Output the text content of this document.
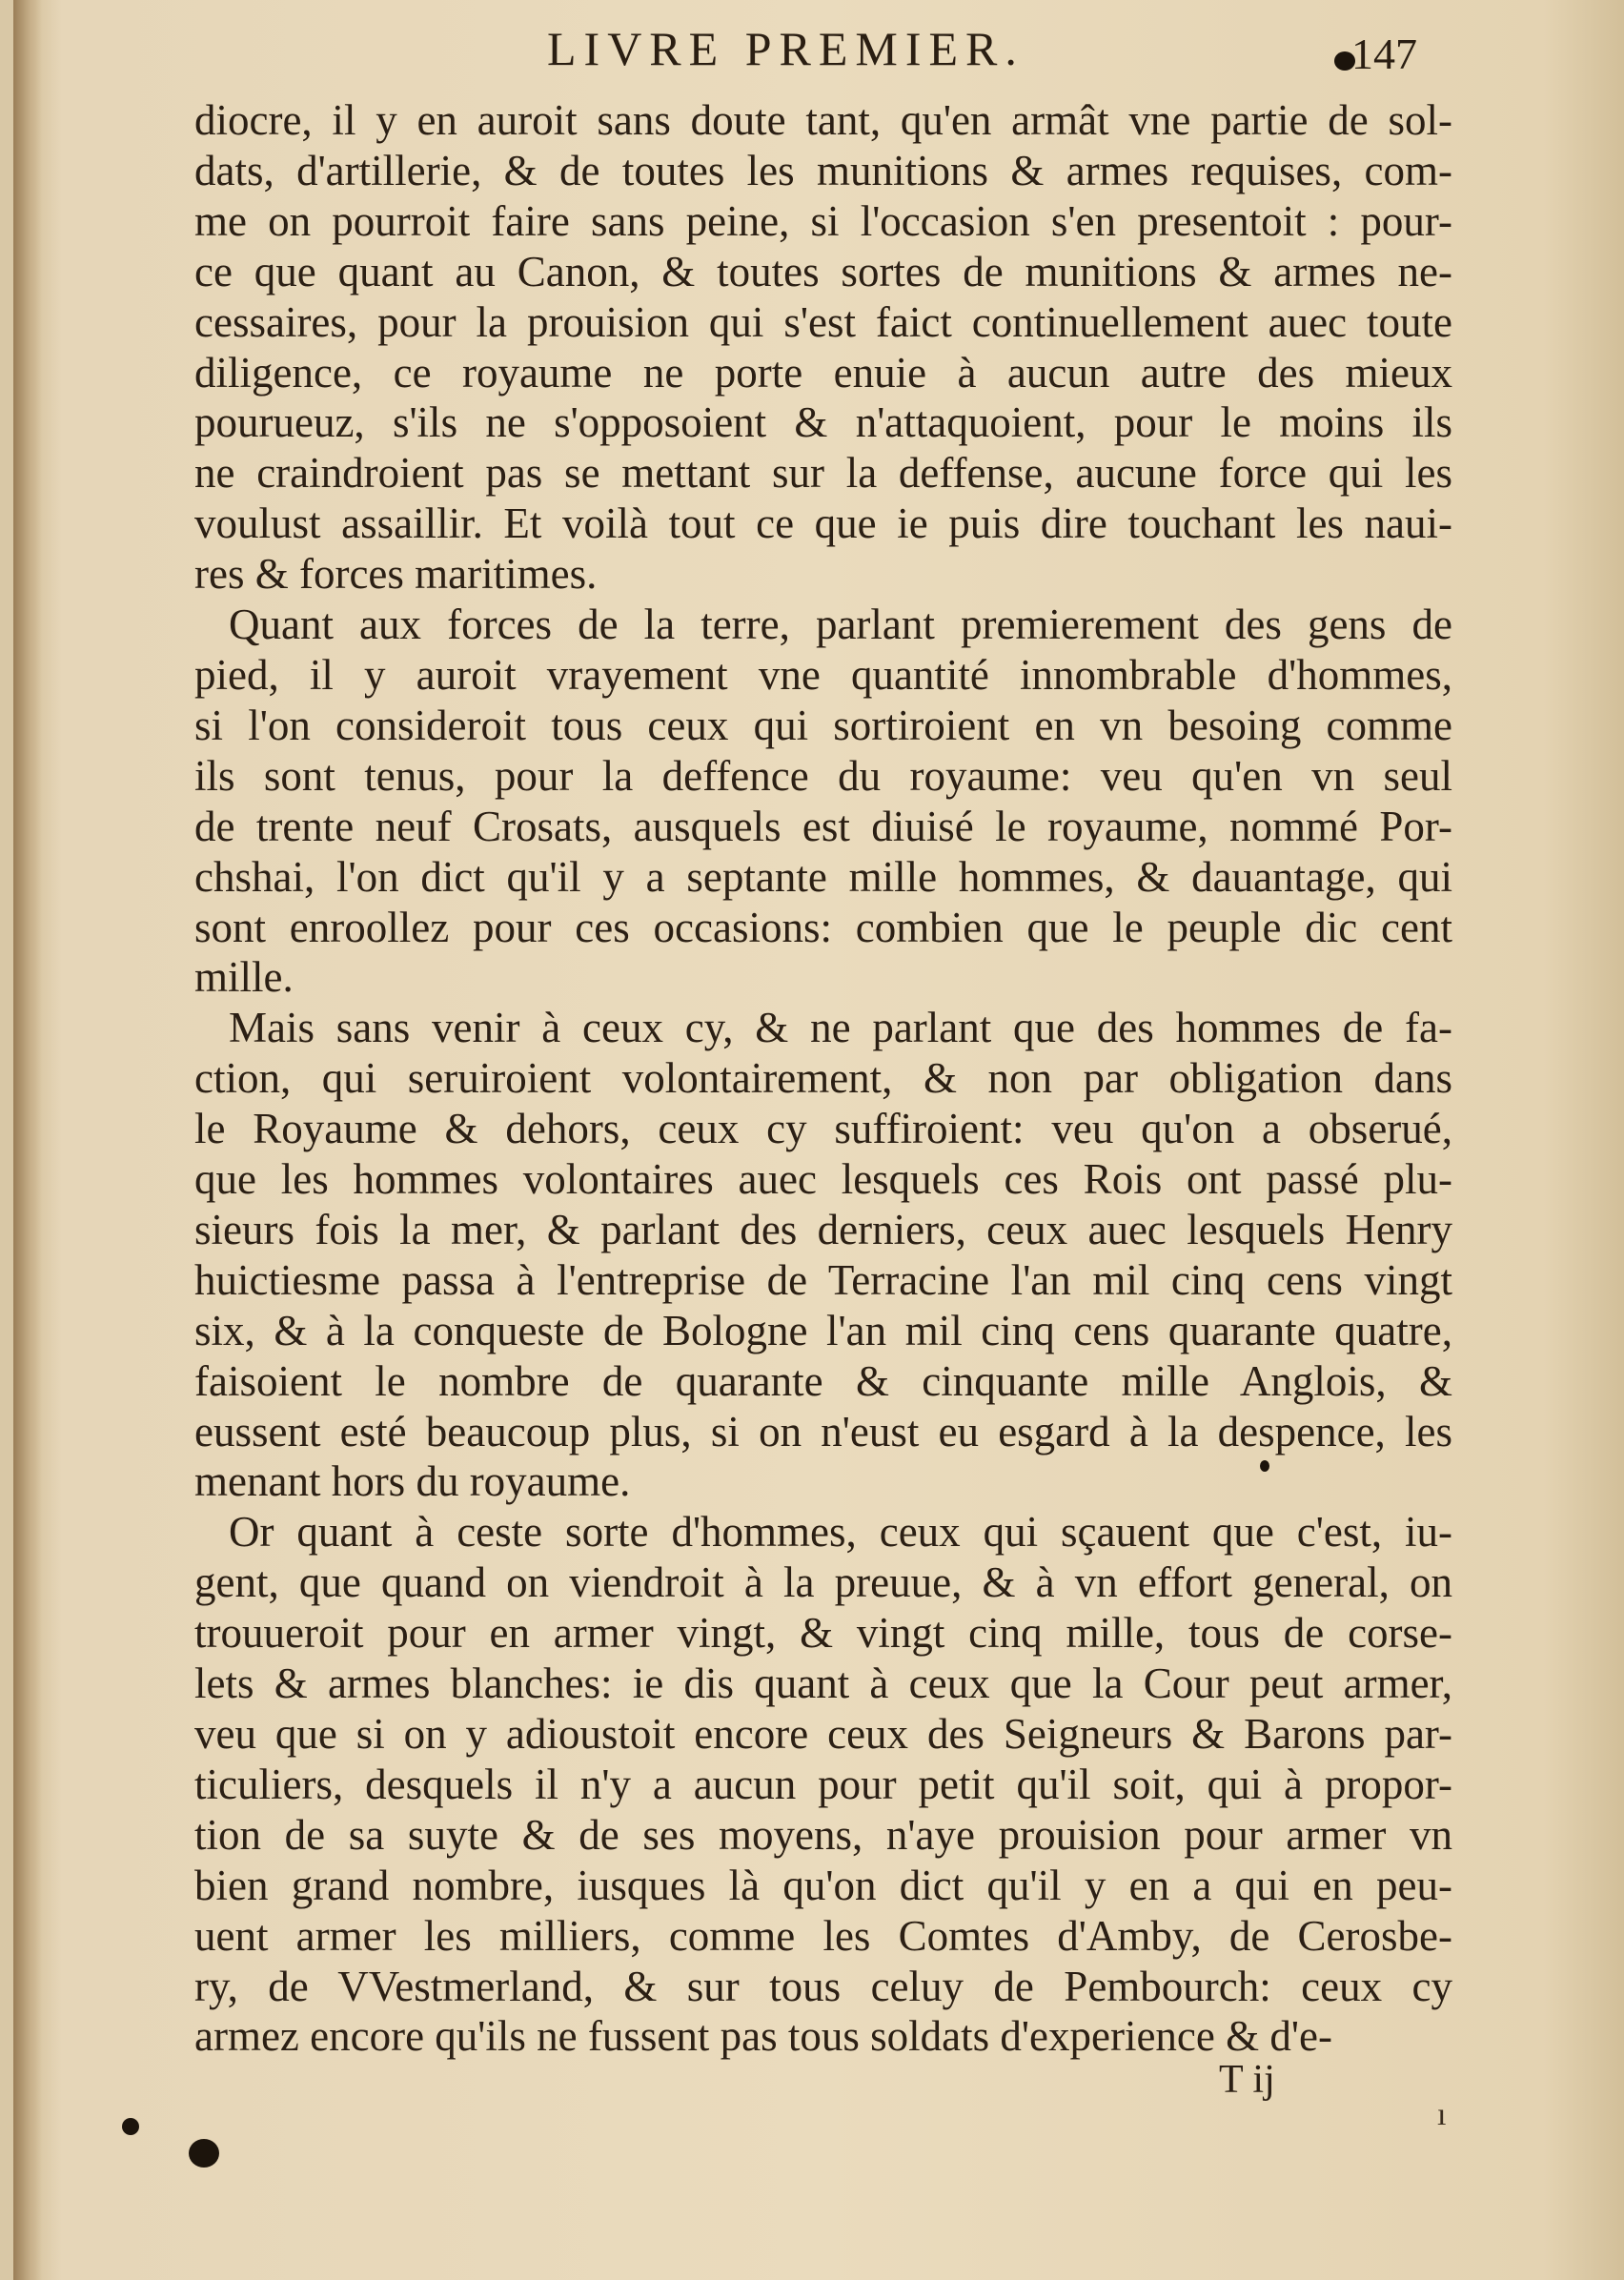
LIVRE PREMIER.	147
diocre, il y en auroit sans doute tant, qu'en armât vne partie de sol-
dats, d'artillerie, & de toutes les munitions & armes requises, com-
me on pourroit faire sans peine, si l'occasion s'en presentoit : pour-
ce que quant au Canon, & toutes sortes de munitions & armes ne-
cessaires, pour la prouision qui s'est faict continuellement auec toute
diligence, ce royaume ne porte enuie à aucun autre des mieux
pourueuz, s'ils ne s'opposoient & n'attaquoient, pour le moins ils
ne craindroient pas se mettant sur la deffense, aucune force qui les
voulust assaillir. Et voilà tout ce que ie puis dire touchant les naui-
res & forces maritimes.
Quant aux forces de la terre, parlant premierement des gens de
pied, il y auroit vrayement vne quantité innombrable d'hommes,
si l'on consideroit tous ceux qui sortiroient en vn besoing comme
ils sont tenus, pour la deffence du royaume: veu qu'en vn seul
de trente neuf Crosats, ausquels est diuisé le royaume, nommé Por-
chshai, l'on dict qu'il y a septante mille hommes, & dauantage, qui
sont enroollez pour ces occasions: combien que le peuple dic cent
mille.
Mais sans venir à ceux cy, & ne parlant que des hommes de fa-
ction, qui seruiroient volontairement, & non par obligation dans
le Royaume & dehors, ceux cy suffiroient: veu qu'on a obserué,
que les hommes volontaires auec lesquels ces Rois ont passé plu-
sieurs fois la mer, & parlant des derniers, ceux auec lesquels Henry
huictiesme passa à l'entreprise de Terracine l'an mil cinq cens vingt
six, & à la conqueste de Bologne l'an mil cinq cens quarante quatre,
faisoient le nombre de quarante & cinquante mille Anglois, &
eussent esté beaucoup plus, si on n'eust eu esgard à la despence, les
menant hors du royaume.
Or quant à ceste sorte d'hommes, ceux qui sçauent que c'est, iu-
gent, que quand on viendroit à la preuue, & à vn effort general, on
trouueroit pour en armer vingt, & vingt cinq mille, tous de corse-
lets & armes blanches: ie dis quant à ceux que la Cour peut armer,
veu que si on y adioustoit encore ceux des Seigneurs & Barons par-
ticuliers, desquels il n'y a aucun pour petit qu'il soit, qui à propor-
tion de sa suyte & de ses moyens, n'aye prouision pour armer vn
bien grand nombre, iusques là qu'on dict qu'il y en a qui en peu-
uent armer les milliers, comme les Comtes d'Amby, de Cerosbe-
ry, de VVestmerland, & sur tous celuy de Pembourch: ceux cy
armez encore qu'ils ne fussent pas tous soldats d'experience & d'e-
T ij
ı
